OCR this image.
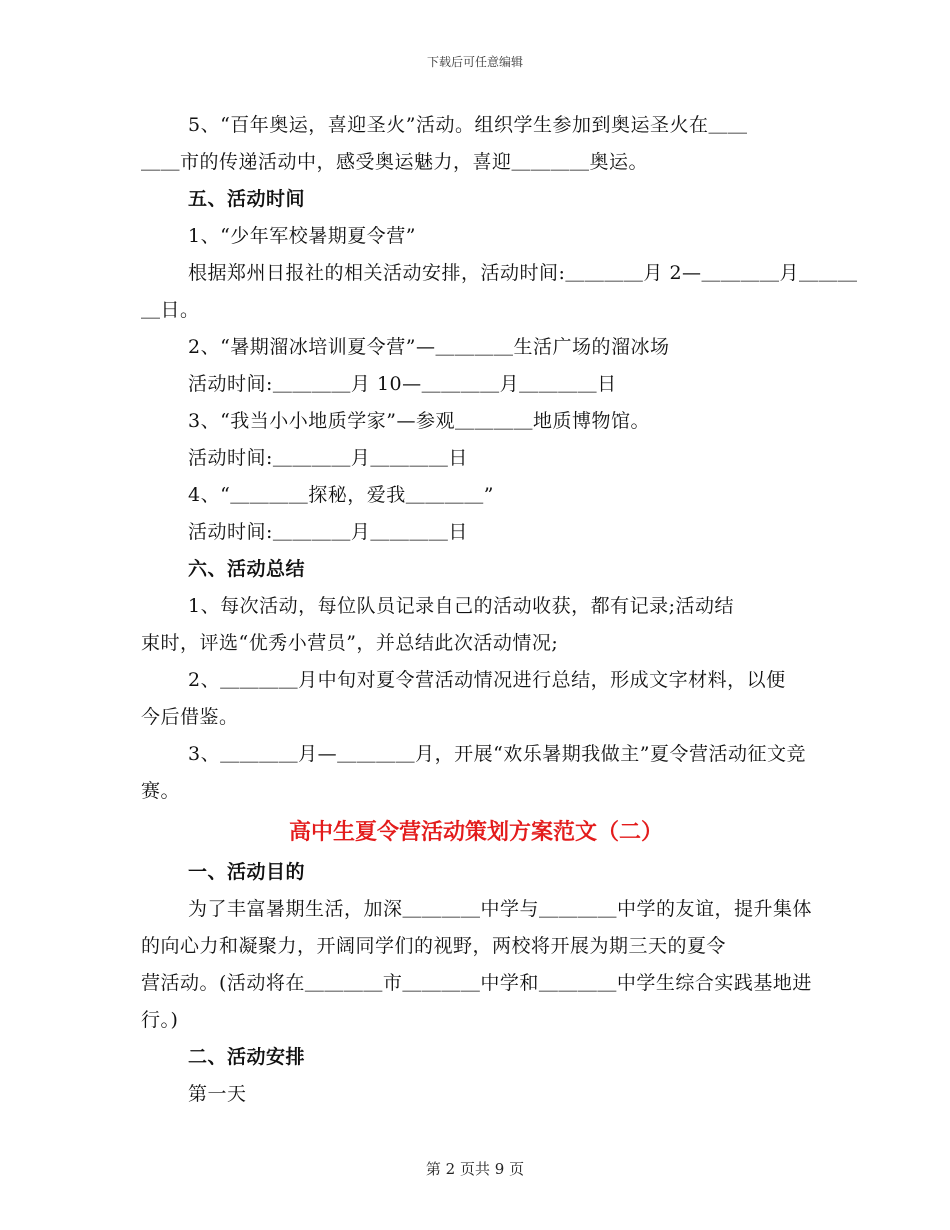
下载后可任意编辑
5、“百年奥运，喜迎圣火”活动。组织学生参加到奥运圣火在＿＿
＿＿市的传递活动中，感受奥运魅力，喜迎＿＿＿＿奥运。
五、活动时间
1、“少年军校暑期夏令营”
根据郑州日报社的相关活动安排，活动时间:＿＿＿＿月 2—＿＿＿＿月＿＿＿
＿日。
2、“暑期溜冰培训夏令营”—＿＿＿＿生活广场的溜冰场
活动时间:＿＿＿＿月 10—＿＿＿＿月＿＿＿＿日
3、“我当小小地质学家”—参观＿＿＿＿地质博物馆。
活动时间:＿＿＿＿月＿＿＿＿日
4、“＿＿＿＿探秘，爱我＿＿＿＿”
活动时间:＿＿＿＿月＿＿＿＿日
六、活动总结
1、每次活动，每位队员记录自己的活动收获，都有记录;活动结
束时，评选“优秀小营员”，并总结此次活动情况;
2、＿＿＿＿月中旬对夏令营活动情况进行总结，形成文字材料，以便
今后借鉴。
3、＿＿＿＿月—＿＿＿＿月，开展“欢乐暑期我做主”夏令营活动征文竞
赛。
高中生夏令营活动策划方案范文（二）
一、活动目的
为了丰富暑期生活，加深＿＿＿＿中学与＿＿＿＿中学的友谊，提升集体
的向心力和凝聚力，开阔同学们的视野，两校将开展为期三天的夏令
营活动。(活动将在＿＿＿＿市＿＿＿＿中学和＿＿＿＿中学生综合实践基地进
行。)
二、活动安排
第一天
第 2 页共 9 页
